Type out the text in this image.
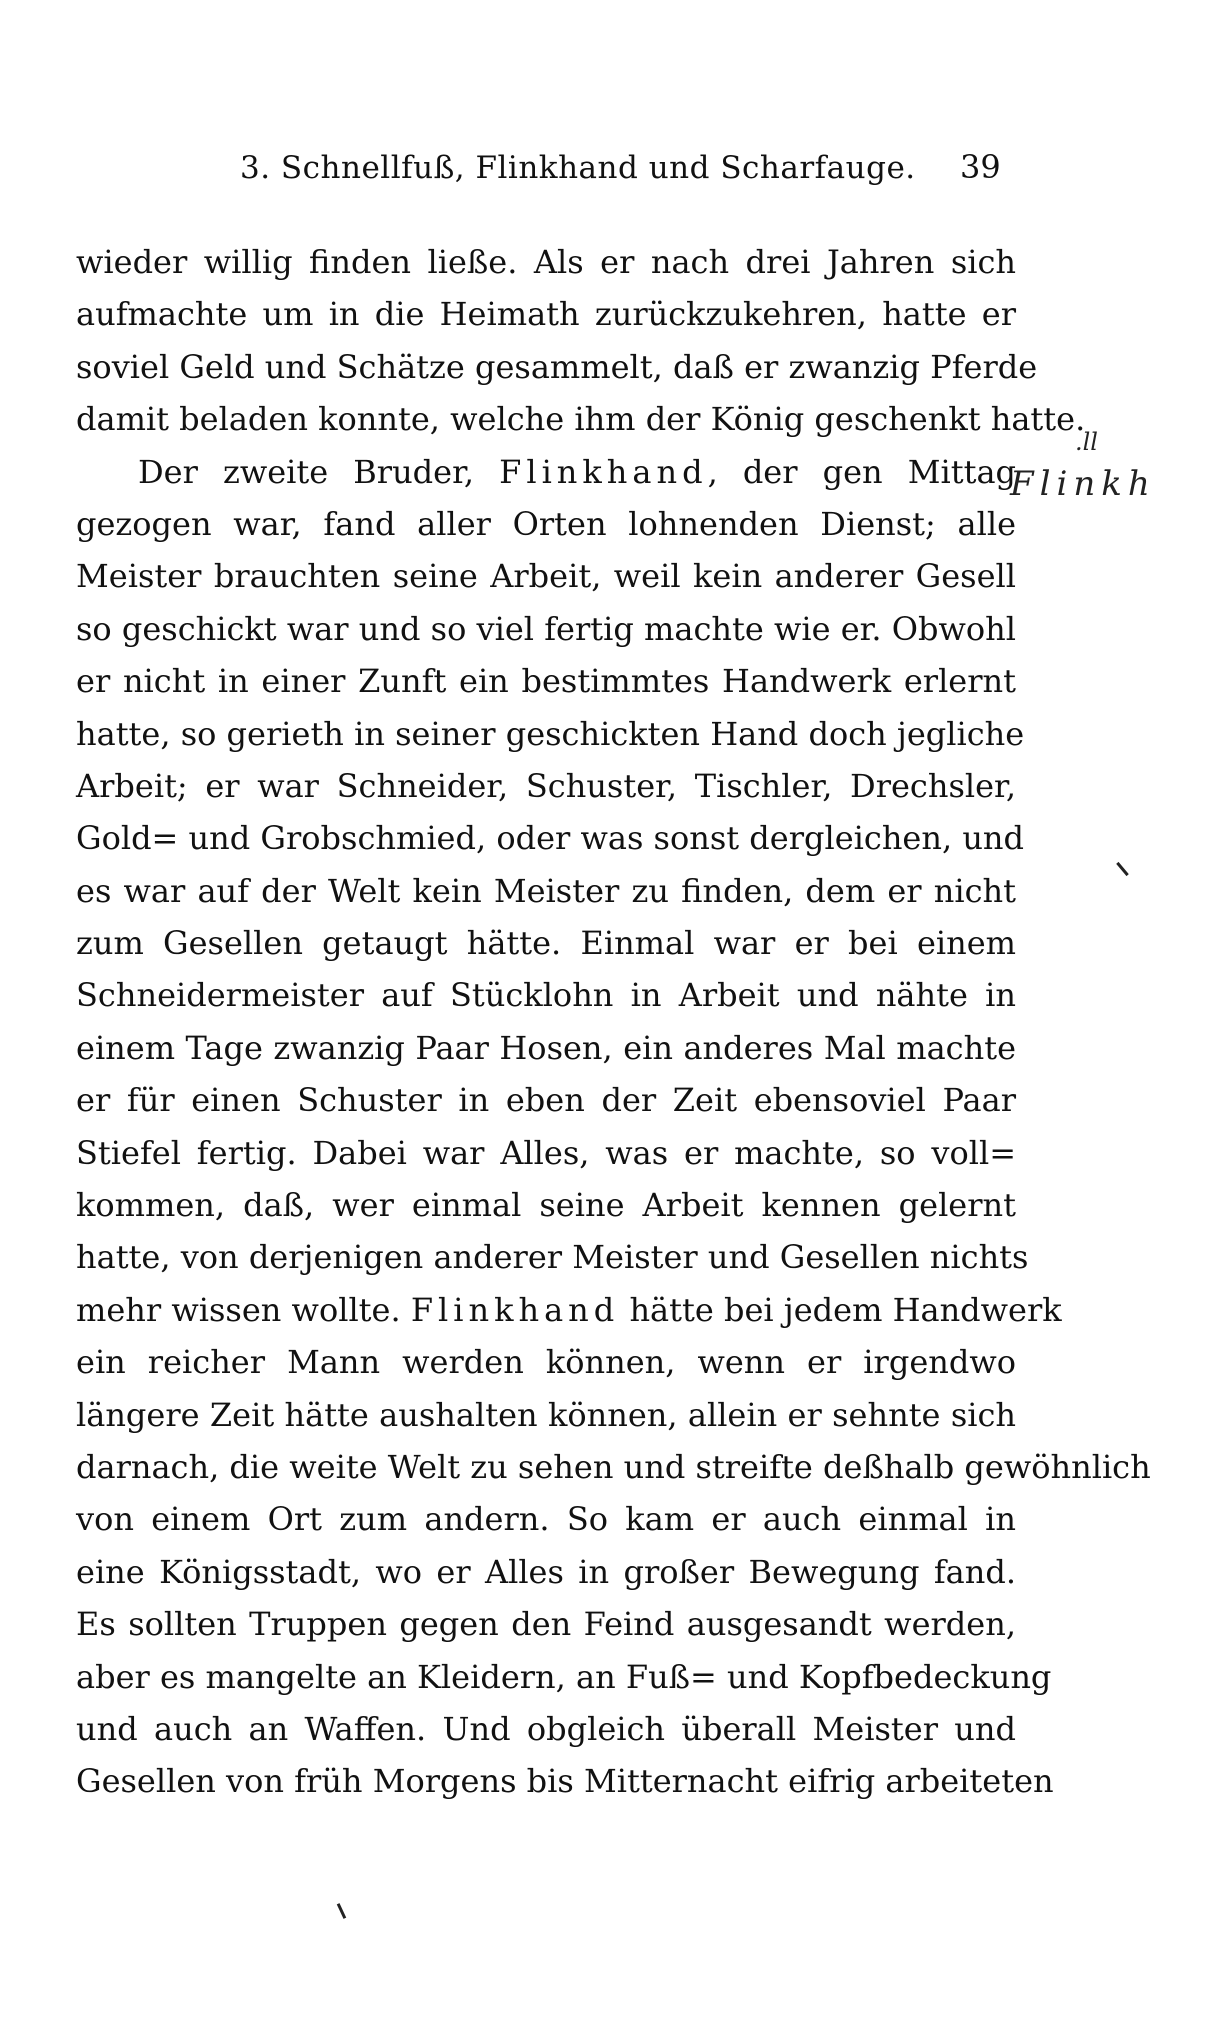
3. Schnellfuß, Flinkhand und Scharfauge. 39
wieder willig finden ließe. Als er nach drei Jahren sich
aufmachte um in die Heimath zurückzukehren, hatte er
soviel Geld und Schätze gesammelt, daß er zwanzig Pferde
damit beladen konnte, welche ihm der König geschenkt hatte.
Der zweite Bruder, Flinkhand, der gen Mittag
gezogen war, fand aller Orten lohnenden Dienst; alle
Meister brauchten seine Arbeit, weil kein anderer Gesell
so geschickt war und so viel fertig machte wie er. Obwohl
er nicht in einer Zunft ein bestimmtes Handwerk erlernt
hatte, so gerieth in seiner geschickten Hand doch jegliche
Arbeit; er war Schneider, Schuster, Tischler, Drechsler,
Gold= und Grobschmied, oder was sonst dergleichen, und
es war auf der Welt kein Meister zu finden, dem er nicht
zum Gesellen getaugt hätte. Einmal war er bei einem
Schneidermeister auf Stücklohn in Arbeit und nähte in
einem Tage zwanzig Paar Hosen, ein anderes Mal machte
er für einen Schuster in eben der Zeit ebensoviel Paar
Stiefel fertig. Dabei war Alles, was er machte, so voll=
kommen, daß, wer einmal seine Arbeit kennen gelernt
hatte, von derjenigen anderer Meister und Gesellen nichts
mehr wissen wollte. Flinkhand hätte bei jedem Handwerk
ein reicher Mann werden können, wenn er irgendwo
längere Zeit hätte aushalten können, allein er sehnte sich
darnach, die weite Welt zu sehen und streifte deßhalb gewöhnlich
von einem Ort zum andern. So kam er auch einmal in
eine Königsstadt, wo er Alles in großer Bewegung fand.
Es sollten Truppen gegen den Feind ausgesandt werden,
aber es mangelte an Kleidern, an Fuß= und Kopfbedeckung
und auch an Waffen. Und obgleich überall Meister und
Gesellen von früh Morgens bis Mitternacht eifrig arbeiteten
.ll
Flinkh
